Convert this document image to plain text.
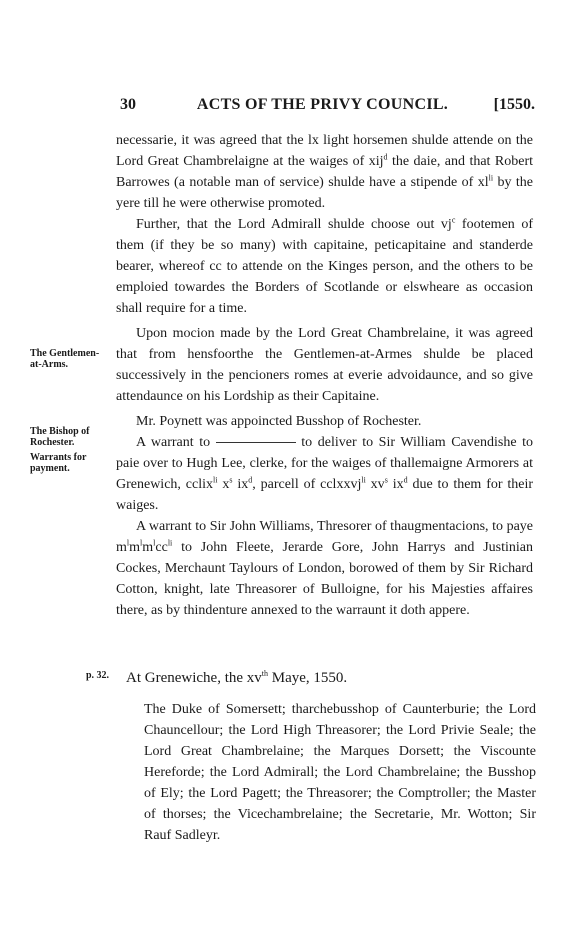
30	ACTS OF THE PRIVY COUNCIL.	[1550.

necessarie, it was agreed that the lx light horsemen shulde attende on the Lord Great Chambrelaigne at the waiges of xij$^d$ the daie, and that Robert Barrowes (a notable man of service) shulde have a stipende of $xl^{li}$ by the yere till he were otherwise promoted.

Further, that the Lord Admirall shulde choose out $vj^c$ footemen of them (if they be so many) with capitaine, peticapitaine and standerde bearer, whereof cc to attende on the Kinges person, and the others to be emploied towardes the Borders of Scotlande or elswheare as occasion shall require for a time.

Upon mocion made by the Lord Great Chambrelaine, it was agreed that from hensfoorthe the Gentlemen-at-Armes shulde be placed successively in the pencioners romes at everie advoidaunce, and so give attendaunce on his Lordship as their Capitaine.

Mr. Poynett was appoincted Busshop of Rochester.

A warrant to	to deliver to Sir William Cavendishe to paie over to Hugh Lee, clerke, for the waiges of thallemaigne Armorers at Grenewich, cclix$^{li}$ $x^s$ $ix^d$, parcell of cclxxvj$^{li}$ $xv^s$ $ix^d$ due to them for their waiges.

A warrant to Sir John Williams, Thresorer of thaugmentacions, to paye $m^lm^lm^lcc^{li}$ to John Fleete, Jerarde Gore, John Harrys and Justinian Cockes, Merchaunt Taylours of London, borowed of them by Sir Richard Cotton, knight, late Threasorer of Bulloigne, for his Majesties affaires there, as by thindenture annexed to the warraunt it doth appere.

The Gentlemen-at-Arms.
The Bishop of Rochester.
Warrants for payment.
p. 32. At Grenewiche, the $xv^{th}$ Maye, 1550.
The Duke of Somersett; tharchebusshop of Caunterburie; the Lord Chauncellour; the Lord High Threasorer; the Lord Privie Seale; the Lord Great Chambrelaine; the Marques Dorsett; the Viscounte Hereforde; the Lord Admirall; the Lord Chambrelaine; the Busshop of Ely; the Lord Pagett; the Threasorer; the Comptroller; the Master of thorses; the Vicechambrelaine; the Secretarie, Mr. Wotton; Sir Rauf Sadleyr.
